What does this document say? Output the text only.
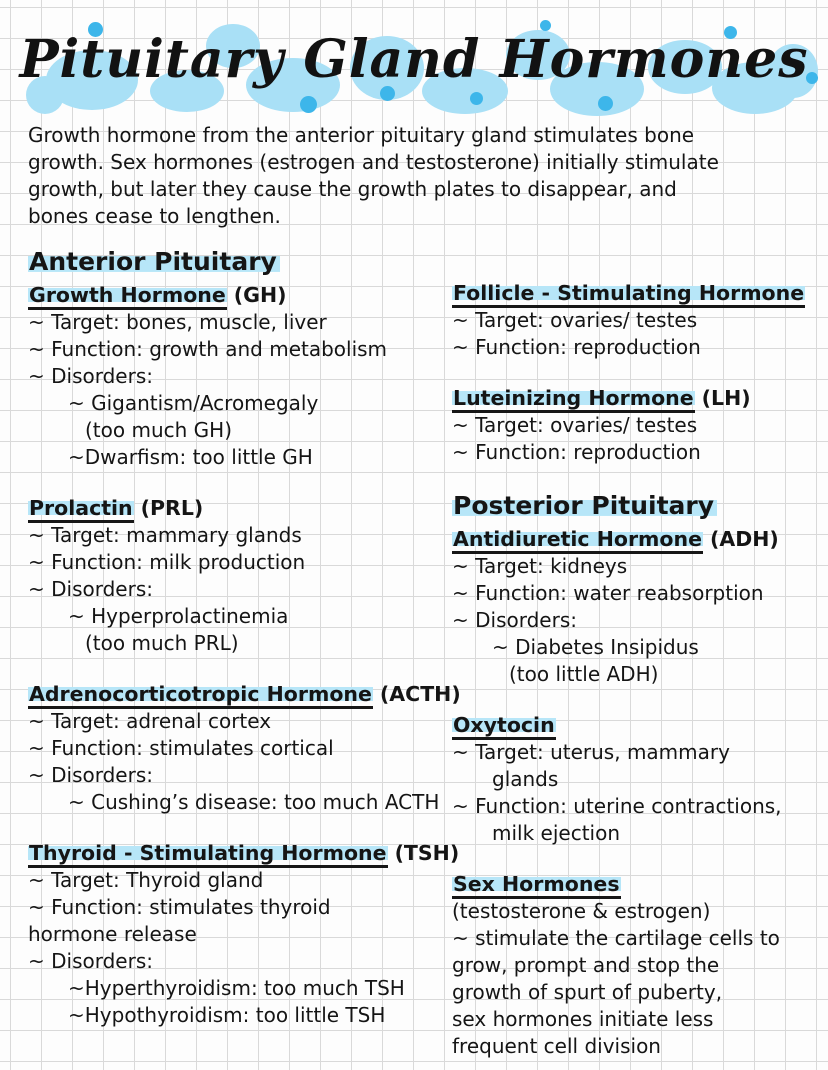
Pituitary Gland Hormones
Growth hormone from the anterior pituitary gland stimulates bone
growth. Sex hormones (estrogen and testosterone) initially stimulate
growth, but later they cause the growth plates to disappear, and
bones cease to lengthen.
Anterior Pituitary
Growth Hormone (GH)
~ Target: bones, muscle, liver
~ Function: growth and metabolism
~ Disorders:
~ Gigantism/Acromegaly
(too much GH)
~Dwarfism: too little GH
Prolactin (PRL)
~ Target: mammary glands
~ Function: milk production
~ Disorders:
~ Hyperprolactinemia
(too much PRL)
Adrenocorticotropic Hormone (ACTH)
~ Target: adrenal cortex
~ Function: stimulates cortical
~ Disorders:
~ Cushing’s disease: too much ACTH
Thyroid - Stimulating Hormone (TSH)
~ Target: Thyroid gland
~ Function: stimulates thyroid
hormone release
~ Disorders:
~Hyperthyroidism: too much TSH
~Hypothyroidism: too little TSH
Follicle - Stimulating Hormone
~ Target: ovaries/ testes
~ Function: reproduction
Luteinizing Hormone (LH)
~ Target: ovaries/ testes
~ Function: reproduction
Posterior Pituitary
Antidiuretic Hormone (ADH)
~ Target: kidneys
~ Function: water reabsorption
~ Disorders:
~ Diabetes Insipidus
(too little ADH)
Oxytocin
~ Target: uterus, mammary
glands
~ Function: uterine contractions,
milk ejection
Sex Hormones
(testosterone & estrogen)
~ stimulate the cartilage cells to
grow, prompt and stop the
growth of spurt of puberty,
sex hormones initiate less
frequent cell division
